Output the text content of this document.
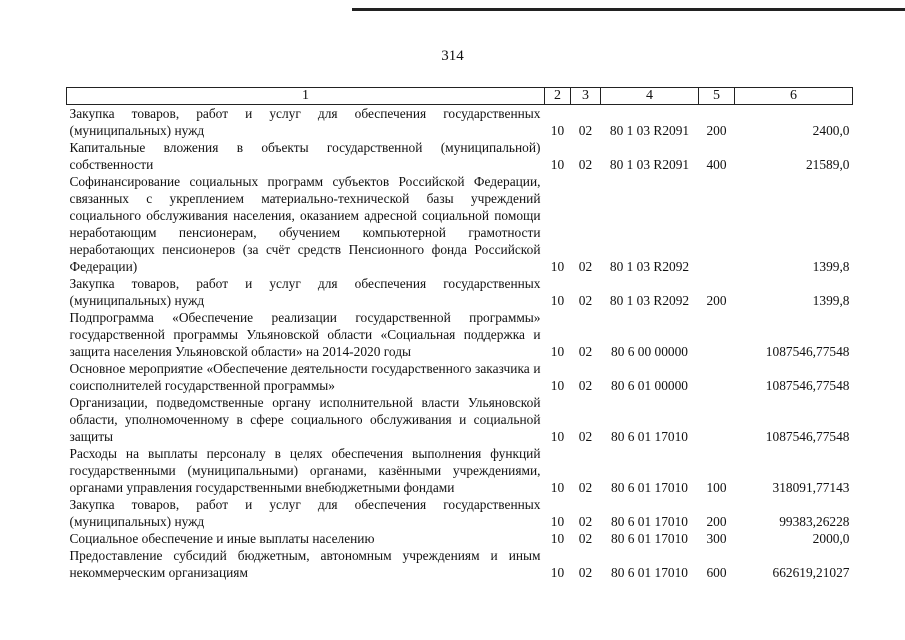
314
1	2	3	4	5	6
Закупка товаров, работ и услуг для обеспечения государственных (муниципальных) нужд	10	02	80 1 03 R2091	200	2400,0
Капитальные вложения в объекты государственной (муниципальной) собственности	10	02	80 1 03 R2091	400	21589,0
Софинансирование социальных программ субъектов Российской Федерации, связанных с укреплением материально-технической базы учреждений социального обслуживания населения, оказанием адресной социальной помощи неработающим пенсионерам, обучением компьютерной грамотности неработающих пенсионеров (за счёт средств Пенсионного фонда Российской Федерации)	10	02	80 1 03 R2092		1399,8
Закупка товаров, работ и услуг для обеспечения государственных (муниципальных) нужд	10	02	80 1 03 R2092	200	1399,8
Подпрограмма «Обеспечение реализации государственной программы» государственной программы Ульяновской области «Социальная поддержка и защита населения Ульяновской области» на 2014-2020 годы	10	02	80 6 00 00000		1087546,77548
Основное мероприятие «Обеспечение деятельности государственного заказчика и соисполнителей государственной программы»	10	02	80 6 01 00000		1087546,77548
Организации, подведомственные органу исполнительной власти Ульяновской области, уполномоченному в сфере социального обслуживания и социальной защиты	10	02	80 6 01 17010		1087546,77548
Расходы на выплаты персоналу в целях обеспечения выполнения функций государственными (муниципальными) органами, казёнными учреждениями, органами управления государственными внебюджетными фондами	10	02	80 6 01 17010	100	318091,77143
Закупка товаров, работ и услуг для обеспечения государственных (муниципальных) нужд	10	02	80 6 01 17010	200	99383,26228
Социальное обеспечение и иные выплаты населению	10	02	80 6 01 17010	300	2000,0
Предоставление субсидий бюджетным, автономным учреждениям и иным некоммерческим организациям	10	02	80 6 01 17010	600	662619,21027
